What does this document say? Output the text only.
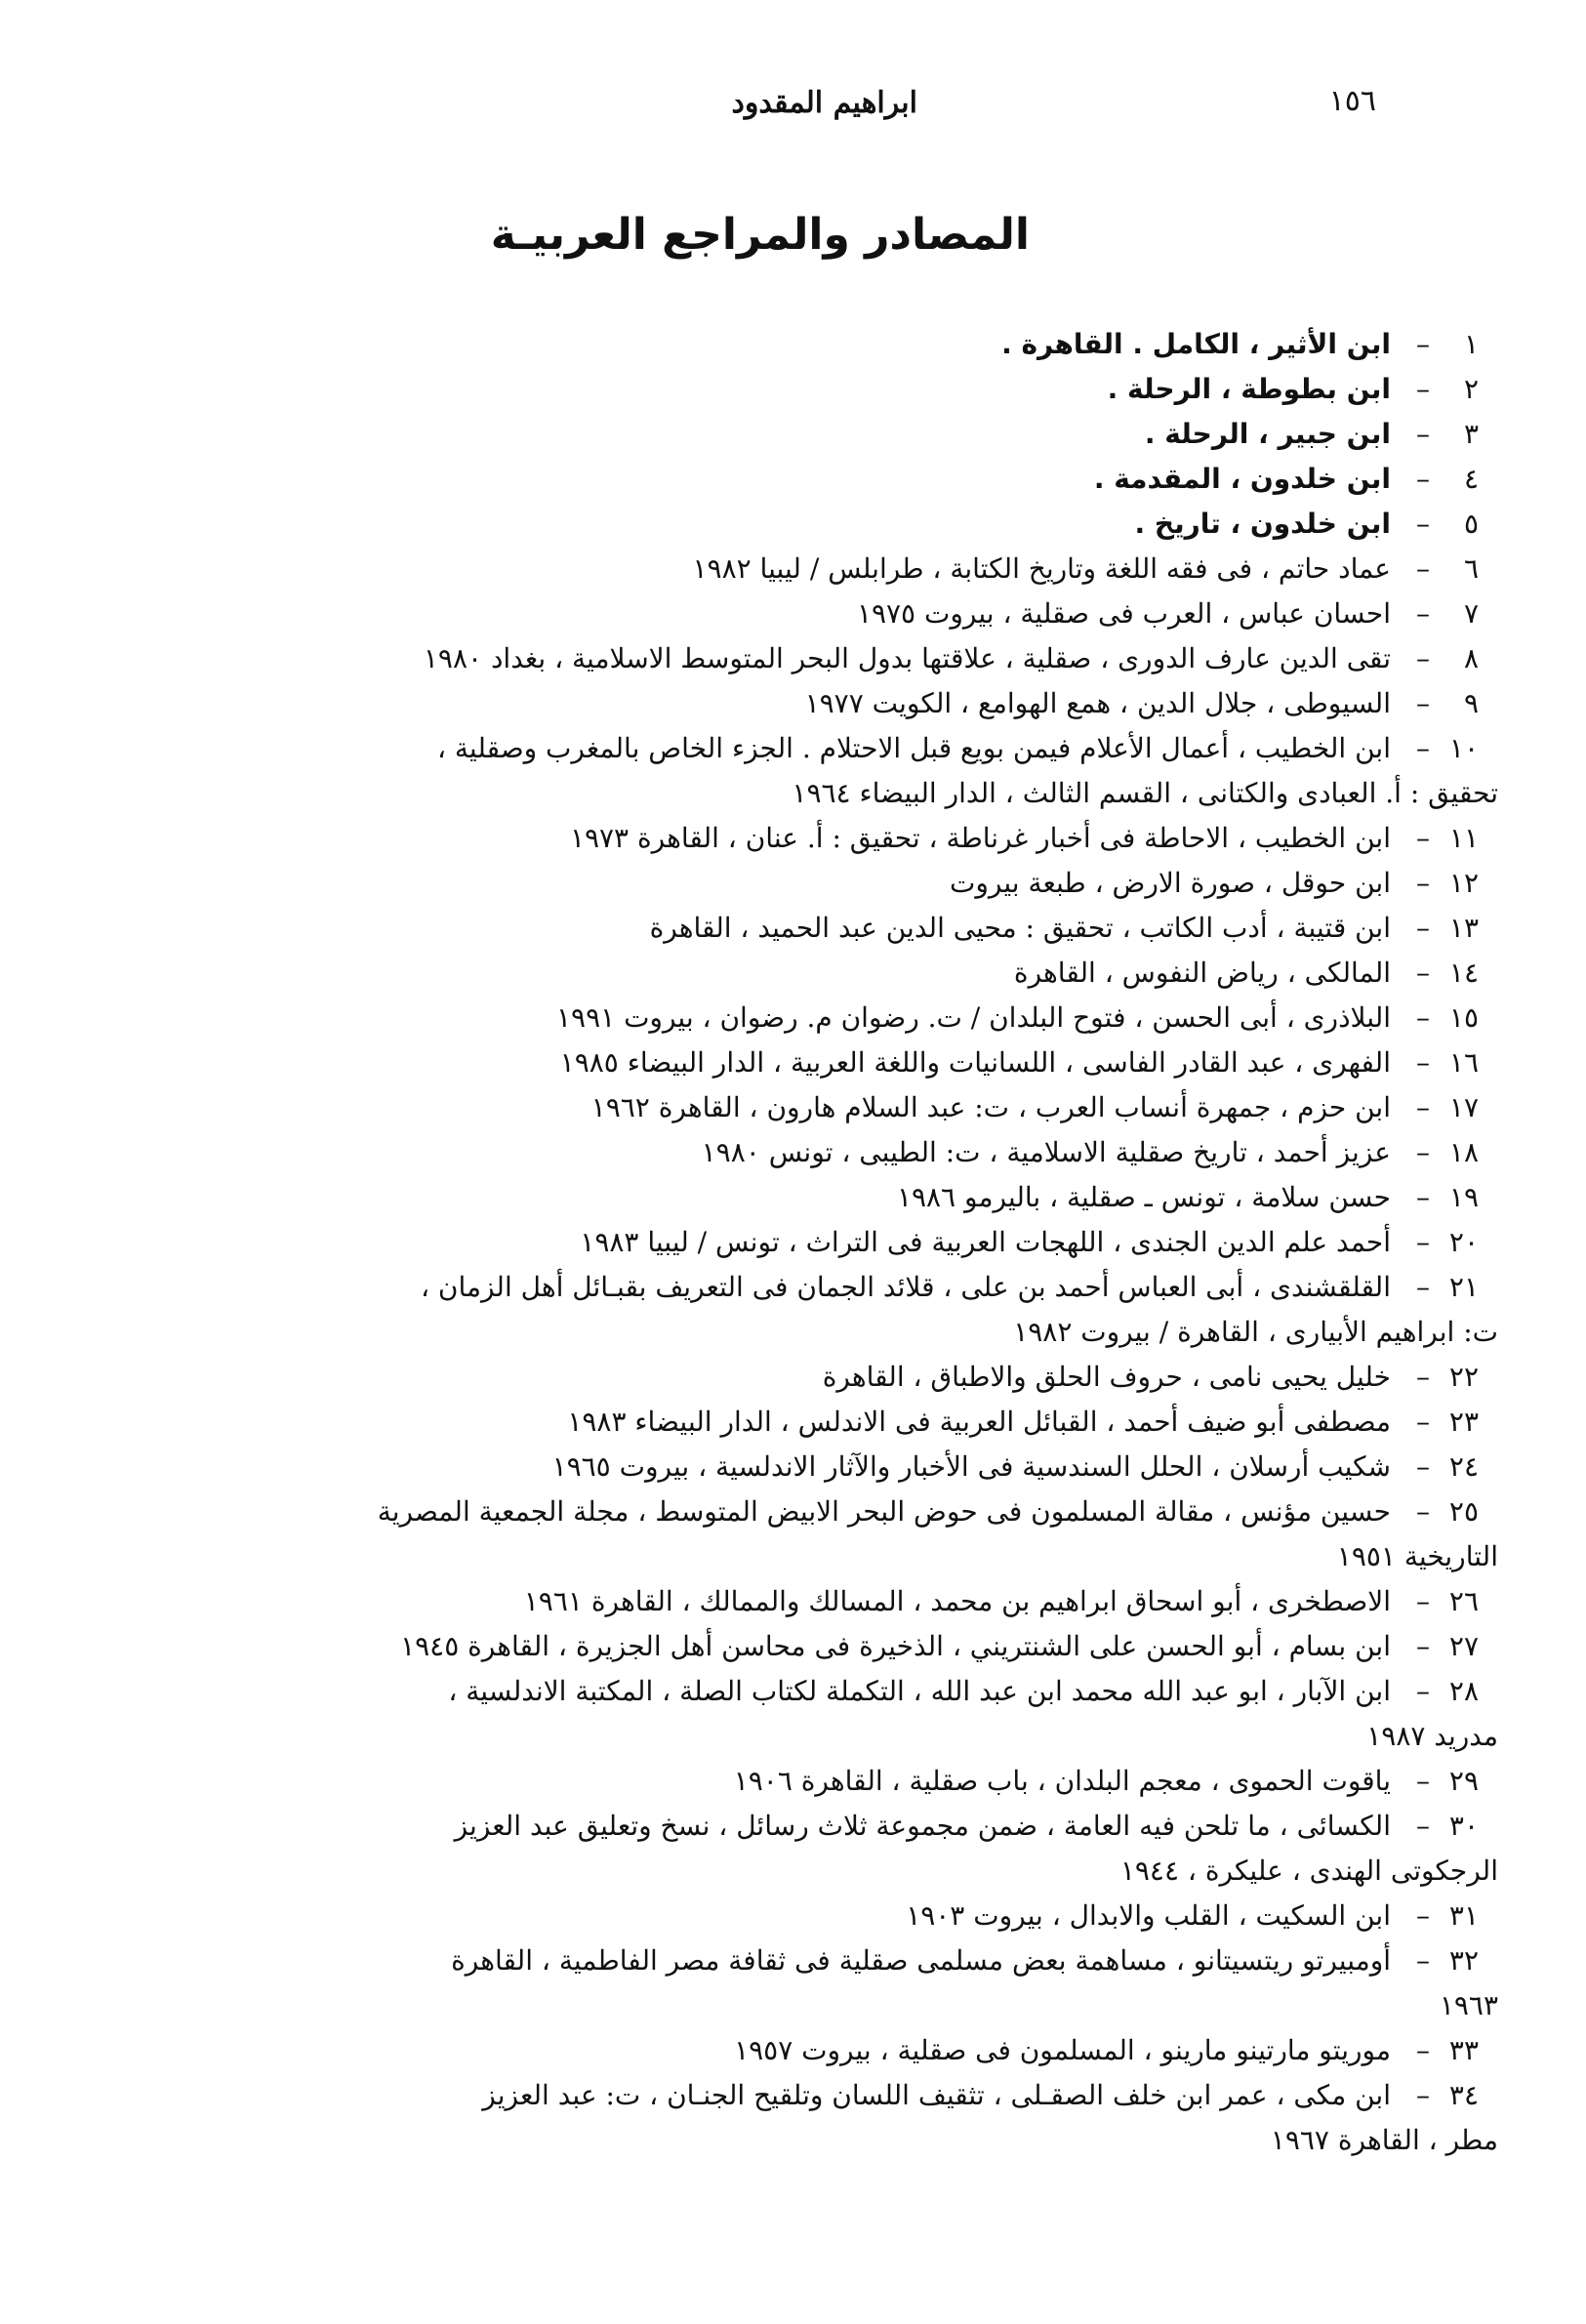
١٥٦
ابراهيم المقدود
المصادر والمراجع العربيـة
١
–
ابن الأثير ، الكامل . القاهرة .
٢
–
ابن بطوطة ، الرحلة .
٣
–
ابن جبير ، الرحلة .
٤
–
ابن خلدون ، المقدمة .
٥
–
ابن خلدون ، تاريخ .
٦
–
عماد حاتم ، فى فقه اللغة وتاريخ الكتابة ، طرابلس / ليبيا ١٩٨٢
٧
–
احسان عباس ، العرب فى صقلية ، بيروت ١٩٧٥
٨
–
تقى الدين عارف الدورى ، صقلية ، علاقتها بدول البحر المتوسط الاسلامية ، بغداد ١٩٨٠
٩
–
السيوطى ، جلال الدين ، همع الهوامع ، الكويت ١٩٧٧
١٠
–
ابن الخطيب ، أعمال الأعلام فيمن بويع قبل الاحتلام . الجزء الخاص بالمغرب وصقلية ،
تحقيق : أ. العبادى والكتانى ، القسم الثالث ، الدار البيضاء ١٩٦٤
١١
–
ابن الخطيب ، الاحاطة فى أخبار غرناطة ، تحقيق : أ. عنان ، القاهرة ١٩٧٣
١٢
–
ابن حوقل ، صورة الارض ، طبعة بيروت
١٣
–
ابن قتيبة ، أدب الكاتب ، تحقيق : محيى الدين عبد الحميد ، القاهرة
١٤
–
المالكى ، رياض النفوس ، القاهرة
١٥
–
البلاذرى ، أبى الحسن ، فتوح البلدان / ت. رضوان م. رضوان ، بيروت ١٩٩١
١٦
–
الفهرى ، عبد القادر الفاسى ، اللسانيات واللغة العربية ، الدار البيضاء ١٩٨٥
١٧
–
ابن حزم ، جمهرة أنساب العرب ، ت: عبد السلام هارون ، القاهرة ١٩٦٢
١٨
–
عزيز أحمد ، تاريخ صقلية الاسلامية ، ت: الطيبى ، تونس ١٩٨٠
١٩
–
حسن سلامة ، تونس ـ صقلية ، باليرمو ١٩٨٦
٢٠
–
أحمد علم الدين الجندى ، اللهجات العربية فى التراث ، تونس / ليبيا ١٩٨٣
٢١
–
القلقشندى ، أبى العباس أحمد بن على ، قلائد الجمان فى التعريف بقبـائل أهل الزمان ،
ت: ابراهيم الأبيارى ، القاهرة / بيروت ١٩٨٢
٢٢
–
خليل يحيى نامى ، حروف الحلق والاطباق ، القاهرة
٢٣
–
مصطفى أبو ضيف أحمد ، القبائل العربية فى الاندلس ، الدار البيضاء ١٩٨٣
٢٤
–
شكيب أرسلان ، الحلل السندسية فى الأخبار والآثار الاندلسية ، بيروت ١٩٦٥
٢٥
–
حسين مؤنس ، مقالة المسلمون فى حوض البحر الابيض المتوسط ، مجلة الجمعية المصرية
التاريخية ١٩٥١
٢٦
–
الاصطخرى ، أبو اسحاق ابراهيم بن محمد ، المسالك والممالك ، القاهرة ١٩٦١
٢٧
–
ابن بسام ، أبو الحسن على الشنتريني ، الذخيرة فى محاسن أهل الجزيرة ، القاهرة ١٩٤٥
٢٨
–
ابن الآبار ، ابو عبد الله محمد ابن عبد الله ، التكملة لكتاب الصلة ، المكتبة الاندلسية ،
مدريد ١٩٨٧
٢٩
–
ياقوت الحموى ، معجم البلدان ، باب صقلية ، القاهرة ١٩٠٦
٣٠
–
الكسائى ، ما تلحن فيه العامة ، ضمن مجموعة ثلاث رسائل ، نسخ وتعليق عبد العزيز
الرجكوتى الهندى ، عليكرة ، ١٩٤٤
٣١
–
ابن السكيت ، القلب والابدال ، بيروت ١٩٠٣
٣٢
–
أومبيرتو ريتسيتانو ، مساهمة بعض مسلمى صقلية فى ثقافة مصر الفاطمية ، القاهرة
١٩٦٣
٣٣
–
موريتو مارتينو مارينو ، المسلمون فى صقلية ، بيروت ١٩٥٧
٣٤
–
ابن مكى ، عمر ابن خلف الصقـلى ، تثقيف اللسان وتلقيح الجنـان ، ت: عبد العزيز
مطر ، القاهرة ١٩٦٧
